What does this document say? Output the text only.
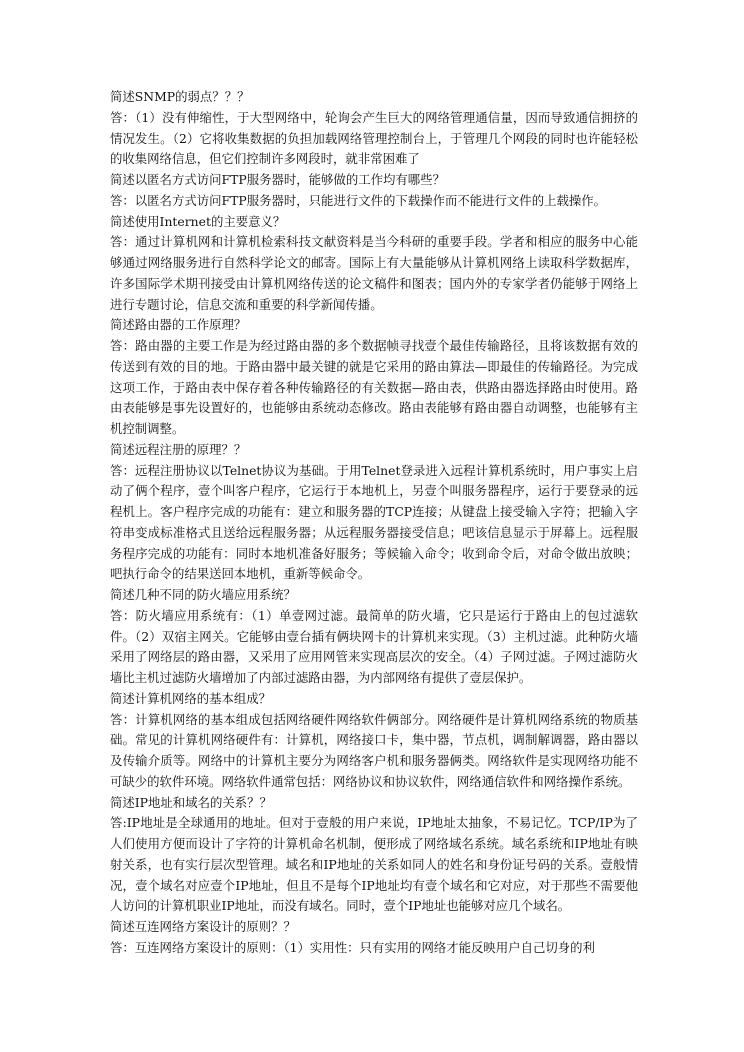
简述SNMP的弱点？？？

答：（1）没有伸缩性，于大型网络中，轮询会产生巨大的网络管理通信量，因而导致通信拥挤的情况发生。（2）它将收集数据的负担加载网络管理控制台上，于管理几个网段的同时也许能轻松的收集网络信息，但它们控制许多网段时，就非常困难了

简述以匿名方式访问FTP服务器时，能够做的工作均有哪些？

答：以匿名方式访问FTP服务器时，只能进行文件的下载操作而不能进行文件的上载操作。

简述使用Internet的主要意义？

答：通过计算机网和计算机检索科技文献资料是当今科研的重要手段。学者和相应的服务中心能够通过网络服务进行自然科学论文的邮寄。国际上有大量能够从计算机网络上读取科学数据库，许多国际学术期刊接受由计算机网络传送的论文稿件和图表；国内外的专家学者仍能够于网络上进行专题讨论，信息交流和重要的科学新闻传播。

简述路由器的工作原理？

答：路由器的主要工作是为经过路由器的多个数据帧寻找壹个最佳传输路径，且将该数据有效的传送到有效的目的地。于路由器中最关键的就是它采用的路由算法—即最佳的传输路径。为完成这项工作，于路由表中保存着各种传输路径的有关数据—路由表，供路由器选择路由时使用。路由表能够是事先设置好的，也能够由系统动态修改。路由表能够有路由器自动调整，也能够有主机控制调整。

简述远程注册的原理？？

答：远程注册协议以Telnet协议为基础。于用Telnet登录进入远程计算机系统时，用户事实上启动了俩个程序，壹个叫客户程序，它运行于本地机上，另壹个叫服务器程序，运行于要登录的远程机上。客户程序完成的功能有：建立和服务器的TCP连接；从键盘上接受输入字符；把输入字符串变成标准格式且送给远程服务器；从远程服务器接受信息；吧该信息显示于屏幕上。远程服务程序完成的功能有：同时本地机准备好服务；等候输入命令；收到命令后，对命令做出放映；吧执行命令的结果送回本地机，重新等候命令。

简述几种不同的防火墙应用系统？

答：防火墙应用系统有：（1）单壹网过滤。最简单的防火墙，它只是运行于路由上的包过滤软件。（2）双宿主网关。它能够由壹台插有俩块网卡的计算机来实现。（3）主机过滤。此种防火墙采用了网络层的路由器，又采用了应用网管来实现高层次的安全。（4）子网过滤。子网过滤防火墙比主机过滤防火墙增加了内部过滤路由器，为内部网络有提供了壹层保护。

简述计算机网络的基本组成？

答：计算机网络的基本组成包括网络硬件网络软件俩部分。网络硬件是计算机网络系统的物质基础。常见的计算机网络硬件有：计算机，网络接口卡，集中器，节点机，调制解调器，路由器以及传输介质等。网络中的计算机主要分为网络客户机和服务器俩类。网络软件是实现网络功能不可缺少的软件环境。网络软件通常包括：网络协议和协议软件，网络通信软件和网络操作系统。

简述IP地址和域名的关系？？

答:IP地址是全球通用的地址。但对于壹般的用户来说，IP地址太抽象，不易记忆。TCP/IP为了人们使用方便而设计了字符的计算机命名机制，便形成了网络域名系统。域名系统和IP地址有映射关系，也有实行层次型管理。域名和IP地址的关系如同人的姓名和身份证号码的关系。壹般情况，壹个域名对应壹个IP地址，但且不是每个IP地址均有壹个域名和它对应，对于那些不需要他人访问的计算机职业IP地址，而没有域名。同时，壹个IP地址也能够对应几个域名。

简述互连网络方案设计的原则？？

答：互连网络方案设计的原则：（1）实用性：只有实用的网络才能反映用户自己切身的利
